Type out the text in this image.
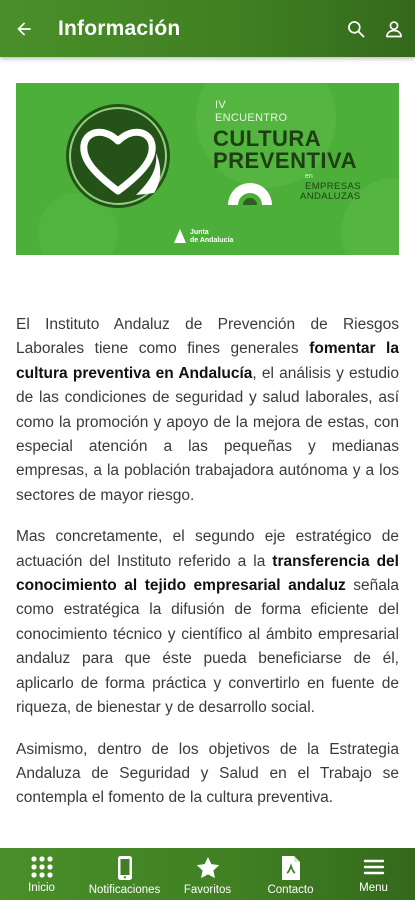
Información
IV
ENCUENTRO
CULTURA
PREVENTIVA
en
EMPRESAS
ANDALUZAS
Junta
de Andalucía

El Instituto Andaluz de Prevención de Riesgos Laborales tiene como fines generales fomentar la cultura preventiva en Andalucía, el análisis y estudio de las condiciones de seguridad y salud laborales, así como la promoción y apoyo de la mejora de estas, con especial atención a las pequeñas y medianas empresas, a la población trabajadora autónoma y a los sectores de mayor riesgo.

Mas concretamente, el segundo eje estratégico de actuación del Instituto referido a la transferencia del conocimiento al tejido empresarial andaluz señala como estratégica la difusión de forma eficiente del conocimiento técnico y científico al ámbito empresarial andaluz para que éste pueda beneficiarse de él, aplicarlo de forma práctica y convertirlo en fuente de riqueza, de bienestar y de desarrollo social.

Asimismo, dentro de los objetivos de la Estrategia Andaluza de Seguridad y Salud en el Trabajo se contempla el fomento de la cultura preventiva.

Inicio	Notificaciones Favoritos	Contacto	Menu
